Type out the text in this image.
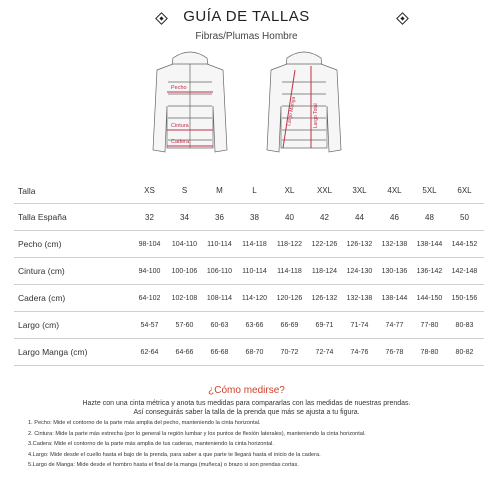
GUÍA DE TALLAS
Fibras/Plumas Hombre
Pecho
Cintura
Cadera
Largo Manga	Largo Total
Talla	XS	S	M	L	XL	XXL	3XL	4XL	5XL	6XL
Talla España	32	34	36	38	40	42	44	46	48	50
Pecho (cm)	98-104	104-110	110-114	114-118	118-122	122-126	126-132	132-138	138-144	144-152
Cintura (cm)	94-100	100-106	106-110	110-114	114-118	118-124	124-130	130-136	136-142	142-148
Cadera (cm)	64-102	102-108	108-114	114-120	120-126	126-132	132-138	138-144	144-150	150-156
Largo (cm)	54-57	57-60	60-63	63-66	66-69	69-71	71-74	74-77	77-80	80-83
Largo Manga (cm)	62-64	64-66	66-68	68-70	70-72	72-74	74-76	76-78	78-80	80-82
¿Cómo medirse?
Hazte con una cinta métrica y anota tus medidas para compararlas con las medidas de nuestras prendas.
Así conseguirás saber la talla de la prenda que más se ajusta a tu figura.
1. Pecho: Mide el contorno de la parte más amplia del pecho, manteniendo la cinta horizontal.
2. Cintura: Mide la parte más estrecha (por lo general la región lumbar y los puntos de flexión laterales), manteniendo la cinta horizontal.
3.Cadera: Mide el contorno de la parte más amplia de tus caderas, manteniendo la cinta horizontal.
4.Largo: Mide desde el cuello hasta el bajo de la prenda, para saber a que parte te llegará hasta el inicio de la cadera.
5.Largo de Manga: Mide desde el hombro hasta el final de la manga (muñeca) o brazo si son prendas cortas.
